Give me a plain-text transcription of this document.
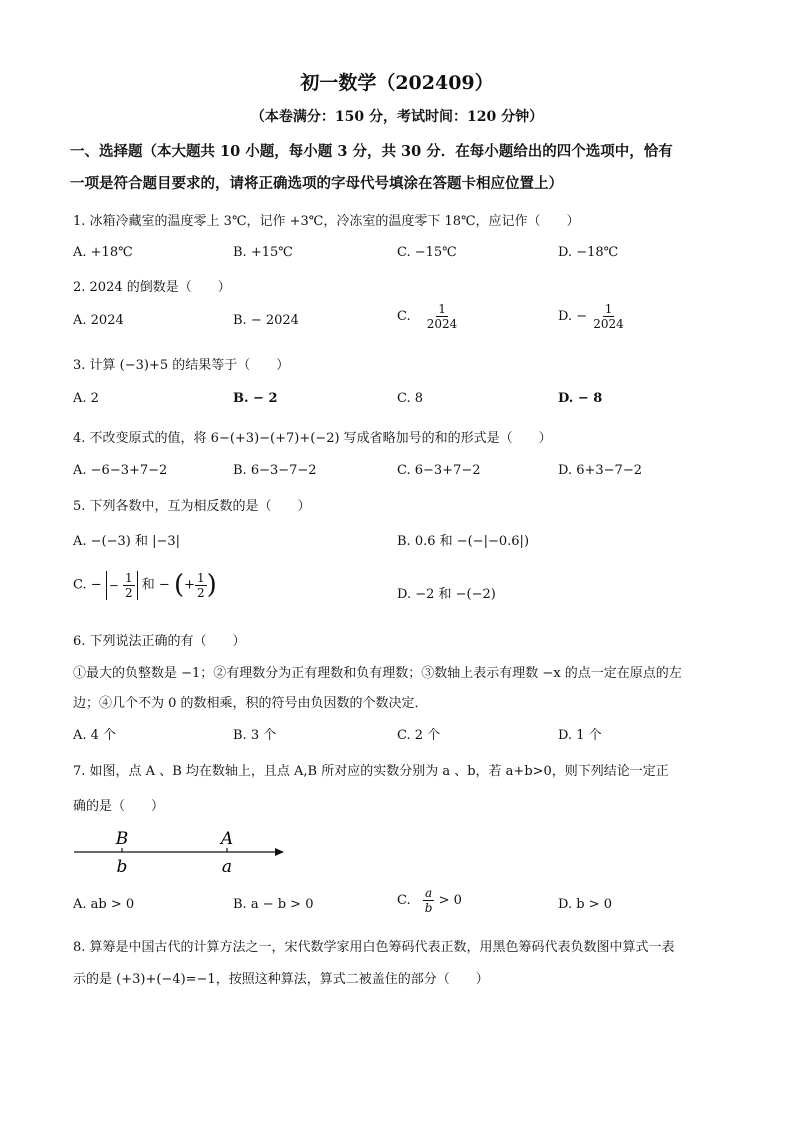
初一数学（202409）
（本卷满分：150 分，考试时间：120 分钟）
一、选择题（本大题共 10 小题，每小题 3 分，共 30 分．在每小题给出的四个选项中，恰有
一项是符合题目要求的，请将正确选项的字母代号填涂在答题卡相应位置上）
1. 冰箱冷藏室的温度零上 3℃，记作 +3℃，冷冻室的温度零下 18℃，应记作（　　）
A. +18℃	B. +15℃	C. −15℃	D. −18℃
2. 2024 的倒数是（　　）
A. 2024	B. − 2024	C. $\frac{1}{2024}$	D. − $\frac{1}{2024}$
3. 计算 (−3)+5 的结果等于（　　）
A. 2	B. − 2	C. 8	D. − 8
4. 不改变原式的值，将 6−(+3)−(+7)+(−2) 写成省略加号的和的形式是（　　）
A. −6−3+7−2	B. 6−3−7−2	C. 6−3+7−2	D. 6+3−7−2
5. 下列各数中，互为相反数的是（　　）
A. −(−3) 和 |−3|	B. 0.6 和 −(−|−0.6|)
C. − − $\frac{1}{2}$ 和 − (+ $\frac{1}{2}$ )	D. −2 和 −(−2)
6. 下列说法正确的有（　　）
①最大的负整数是 −1；②有理数分为正有理数和负有理数；③数轴上表示有理数 −x 的点一定在原点的左
边；④几个不为 0 的数相乘，积的符号由负因数的个数决定．
A. 4 个	B. 3 个	C. 2 个	D. 1 个
7. 如图，点 A 、B 均在数轴上，且点 A,B 所对应的实数分别为 a 、b，若 a+b>0，则下列结论一定正
确的是（　　）
B
b
A
a
A. ab > 0	B. a − b > 0	C. $\frac{a}{b} > 0$	D. b > 0
8. 算筹是中国古代的计算方法之一，宋代数学家用白色筹码代表正数，用黑色筹码代表负数图中算式一表
示的是 (+3)+(−4)=−1，按照这种算法，算式二被盖住的部分（　　）
